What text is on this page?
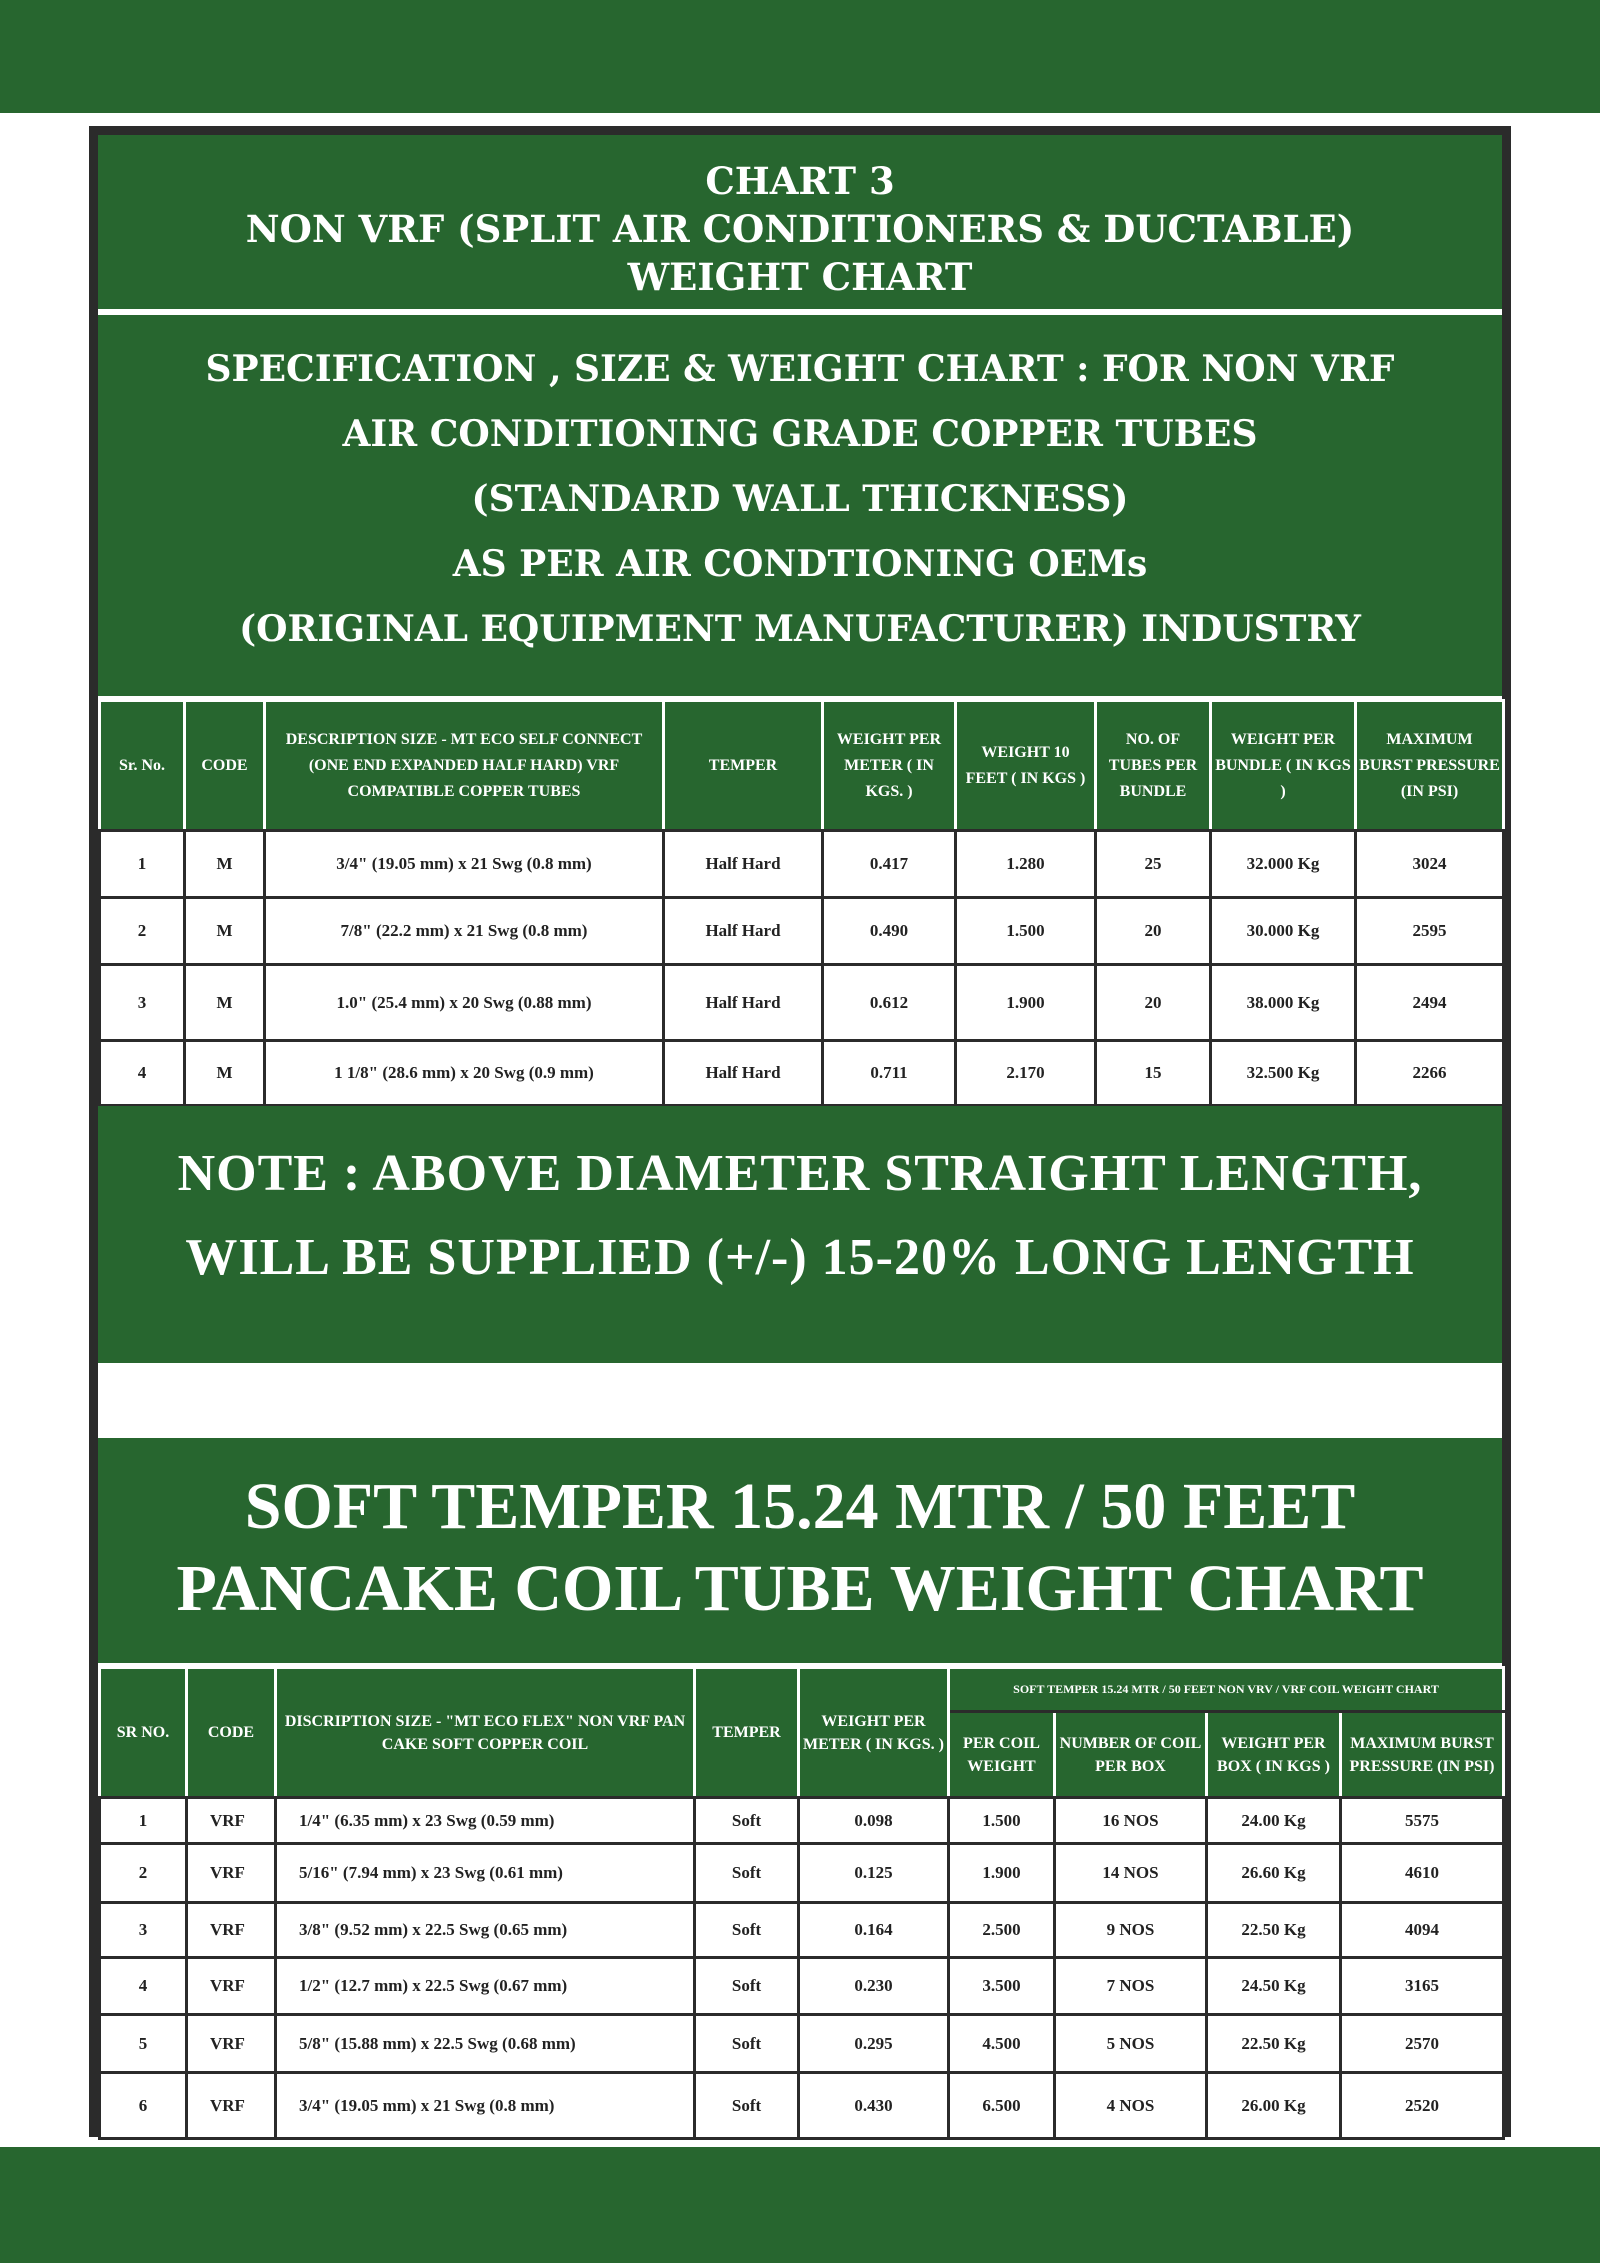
CHART 3
NON VRF (SPLIT AIR CONDITIONERS & DUCTABLE)
WEIGHT CHART
SPECIFICATION , SIZE & WEIGHT CHART : FOR NON VRF
AIR CONDITIONING GRADE COPPER TUBES
(STANDARD WALL THICKNESS)
AS PER AIR CONDTIONING OEMs
(ORIGINAL EQUIPMENT MANUFACTURER) INDUSTRY
Sr. No.	CODE	DESCRIPTION SIZE - MT ECO SELF CONNECT (ONE END EXPANDED HALF HARD) VRF COMPATIBLE COPPER TUBES	TEMPER	WEIGHT PER METER ( IN KGS. )	WEIGHT 10 FEET ( IN KGS )	NO. OF TUBES PER BUNDLE	WEIGHT PER BUNDLE ( IN KGS )	MAXIMUM BURST PRESSURE (IN PSI)
1	M	3/4" (19.05 mm) x 21 Swg (0.8 mm)	Half Hard	0.417	1.280	25	32.000 Kg	3024
2	M	7/8" (22.2 mm) x 21 Swg (0.8 mm)	Half Hard	0.490	1.500	20	30.000 Kg	2595
3	M	1.0" (25.4 mm) x 20 Swg (0.88 mm)	Half Hard	0.612	1.900	20	38.000 Kg	2494
4	M	1 1/8" (28.6 mm) x 20 Swg (0.9 mm)	Half Hard	0.711	2.170	15	32.500 Kg	2266
NOTE : ABOVE DIAMETER STRAIGHT LENGTH,
WILL BE SUPPLIED (+/-) 15-20% LONG LENGTH
SOFT TEMPER 15.24 MTR / 50 FEET
PANCAKE COIL TUBE WEIGHT CHART
SR NO.	CODE	DISCRIPTION SIZE - "MT ECO FLEX" NON VRF PAN CAKE SOFT COPPER COIL	TEMPER	WEIGHT PER METER ( IN KGS. )	SOFT TEMPER 15.24 MTR / 50 FEET NON VRV / VRF COIL WEIGHT CHART			
					PER COIL WEIGHT	NUMBER OF COIL PER BOX	WEIGHT PER BOX ( IN KGS )	MAXIMUM BURST PRESSURE (IN PSI)
1	VRF	1/4" (6.35 mm) x 23 Swg (0.59 mm)	Soft	0.098	1.500	16 NOS	24.00 Kg	5575
2	VRF	5/16" (7.94 mm) x 23 Swg (0.61 mm)	Soft	0.125	1.900	14 NOS	26.60 Kg	4610
3	VRF	3/8" (9.52 mm) x 22.5 Swg (0.65 mm)	Soft	0.164	2.500	9 NOS	22.50 Kg	4094
4	VRF	1/2" (12.7 mm) x 22.5 Swg (0.67 mm)	Soft	0.230	3.500	7 NOS	24.50 Kg	3165
5	VRF	5/8" (15.88 mm) x 22.5 Swg (0.68 mm)	Soft	0.295	4.500	5 NOS	22.50 Kg	2570
6	VRF	3/4" (19.05 mm) x 21 Swg (0.8 mm)	Soft	0.430	6.500	4 NOS	26.00 Kg	2520
